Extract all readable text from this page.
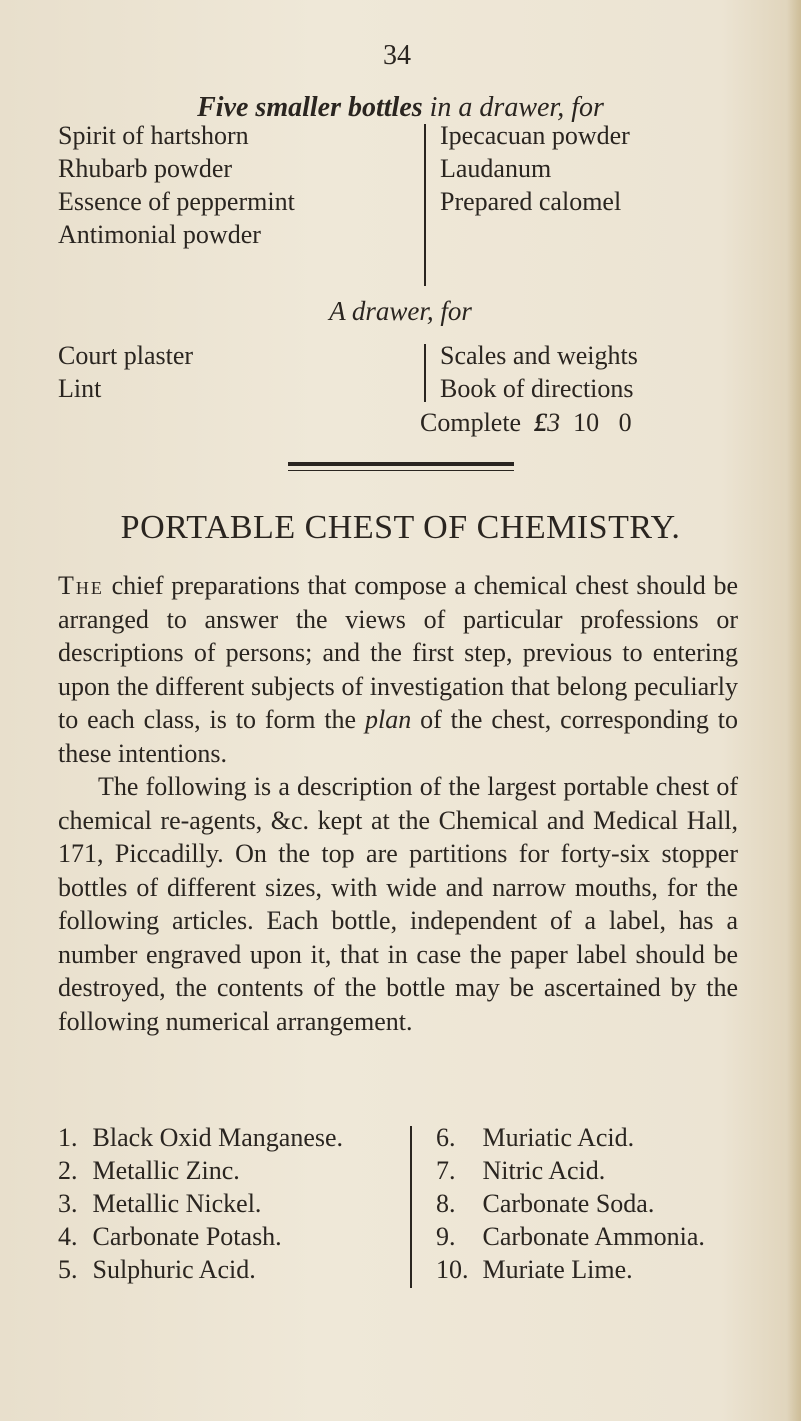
34
Five smaller bottles in a drawer, for
Spirit of hartshorn
Rhubarb powder
Essence of peppermint
Antimonial powder
Ipecacuan powder
Laudanum
Prepared calomel
A drawer, for
Court plaster
Lint
Scales and weights
Book of directions
Complete £3 10 0
PORTABLE CHEST OF CHEMISTRY.

The chief preparations that compose a chemical chest should be arranged to answer the views of particular professions or descriptions of persons; and the first step, previous to entering upon the different subjects of investigation that belong peculiarly to each class, is to form the plan of the chest, corresponding to these intentions.

The following is a description of the largest portable chest of chemical re-agents, &c. kept at the Chemical and Medical Hall, 171, Piccadilly. On the top are partitions for forty-six stopper bottles of different sizes, with wide and narrow mouths, for the following articles. Each bottle, independent of a label, has a number engraved upon it, that in case the paper label should be destroyed, the contents of the bottle may be ascertained by the following numerical arrangement.

1. Black Oxid Manganese.
2. Metallic Zinc.
3. Metallic Nickel.
4. Carbonate Potash.
5. Sulphuric Acid.
6. Muriatic Acid.
7. Nitric Acid.
8. Carbonate Soda.
9. Carbonate Ammonia.
10. Muriate Lime.
